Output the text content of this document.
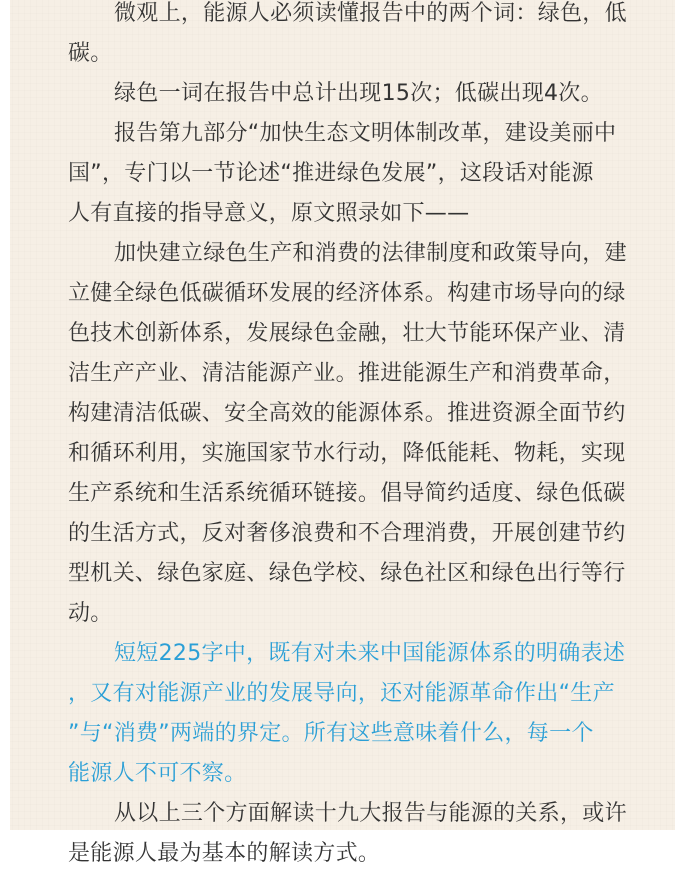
微观上，能源人必须读懂报告中的两个词：绿色，低
碳。

绿色一词在报告中总计出现15次；低碳出现4次。

报告第九部分“加快生态文明体制改革，建设美丽中
国”，专门以一节论述“推进绿色发展”，这段话对能源
人有直接的指导意义，原文照录如下——

加快建立绿色生产和消费的法律制度和政策导向，建
立健全绿色低碳循环发展的经济体系。构建市场导向的绿
色技术创新体系，发展绿色金融，壮大节能环保产业、清
洁生产产业、清洁能源产业。推进能源生产和消费革命，
构建清洁低碳、安全高效的能源体系。推进资源全面节约
和循环利用，实施国家节水行动，降低能耗、物耗，实现
生产系统和生活系统循环链接。倡导简约适度、绿色低碳
的生活方式，反对奢侈浪费和不合理消费，开展创建节约
型机关、绿色家庭、绿色学校、绿色社区和绿色出行等行
动。

短短225字中，既有对未来中国能源体系的明确表述
，又有对能源产业的发展导向，还对能源革命作出“生产
”与“消费”两端的界定。所有这些意味着什么，每一个
能源人不可不察。

从以上三个方面解读十九大报告与能源的关系，或许
是能源人最为基本的解读方式。
